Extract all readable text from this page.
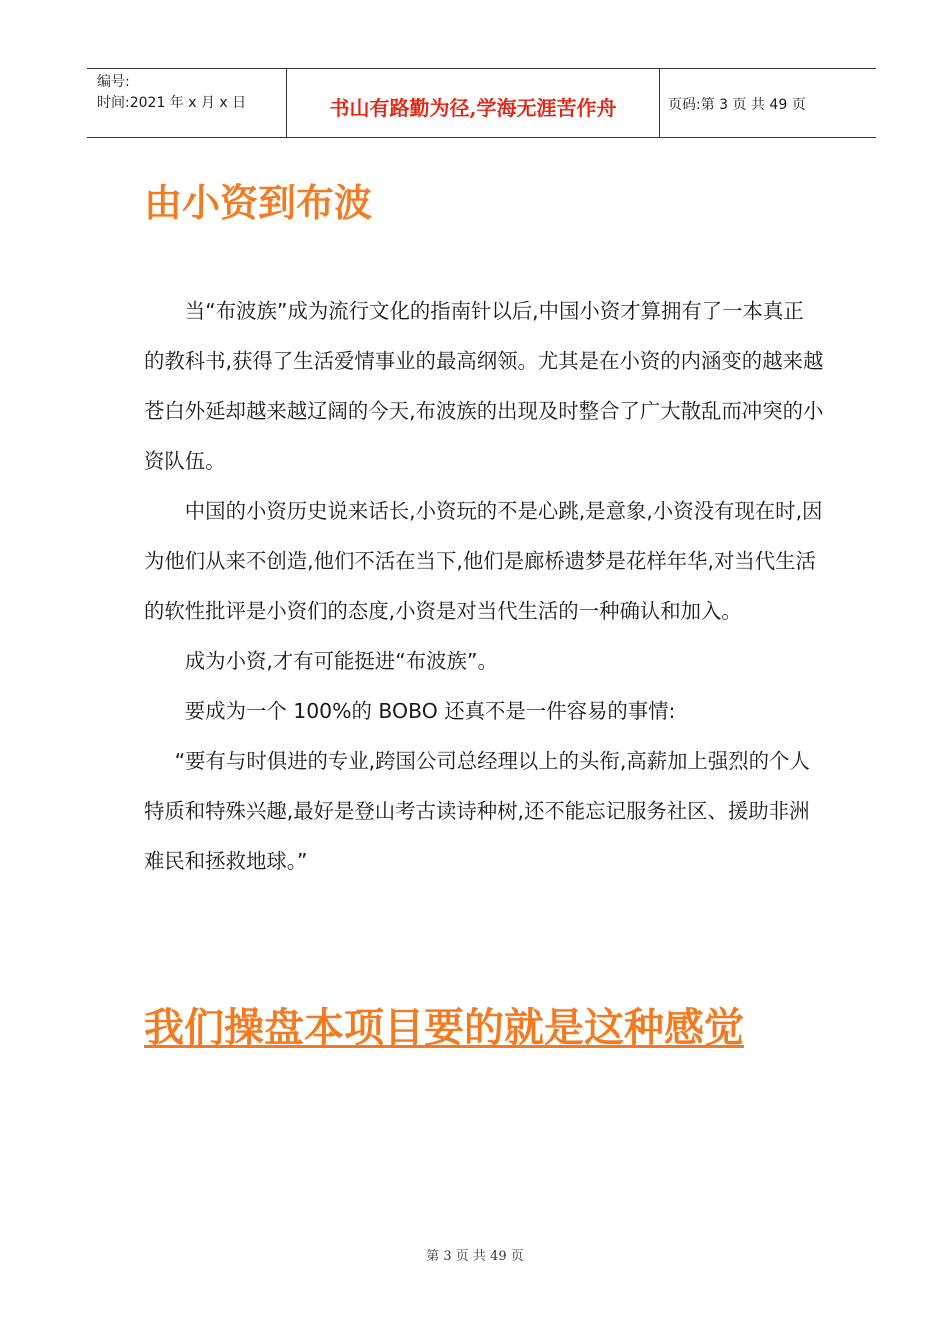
编号:
时间:2021 年 x 月 x 日	书山有路勤为径,学海无涯苦作舟	页码:第 3 页 共 49 页
由小资到布波

当“布波族”成为流行文化的指南针以后,中国小资才算拥有了一本真正的教科书,获得了生活爱情事业的最高纲领。尤其是在小资的内涵变的越来越苍白外延却越来越辽阔的今天,布波族的出现及时整合了广大散乱而冲突的小资队伍。

中国的小资历史说来话长,小资玩的不是心跳,是意象,小资没有现在时,因为他们从来不创造,他们不活在当下,他们是廊桥遗梦是花样年华,对当代生活的软性批评是小资们的态度,小资是对当代生活的一种确认和加入。

成为小资,才有可能挺进“布波族”。

要成为一个 100%的 BOBO 还真不是一件容易的事情:

“要有与时俱进的专业,跨国公司总经理以上的头衔,高薪加上强烈的个人特质和特殊兴趣,最好是登山考古读诗种树,还不能忘记服务社区、援助非洲难民和拯救地球。”

我们操盘本项目要的就是这种感觉
第 3 页 共 49 页
